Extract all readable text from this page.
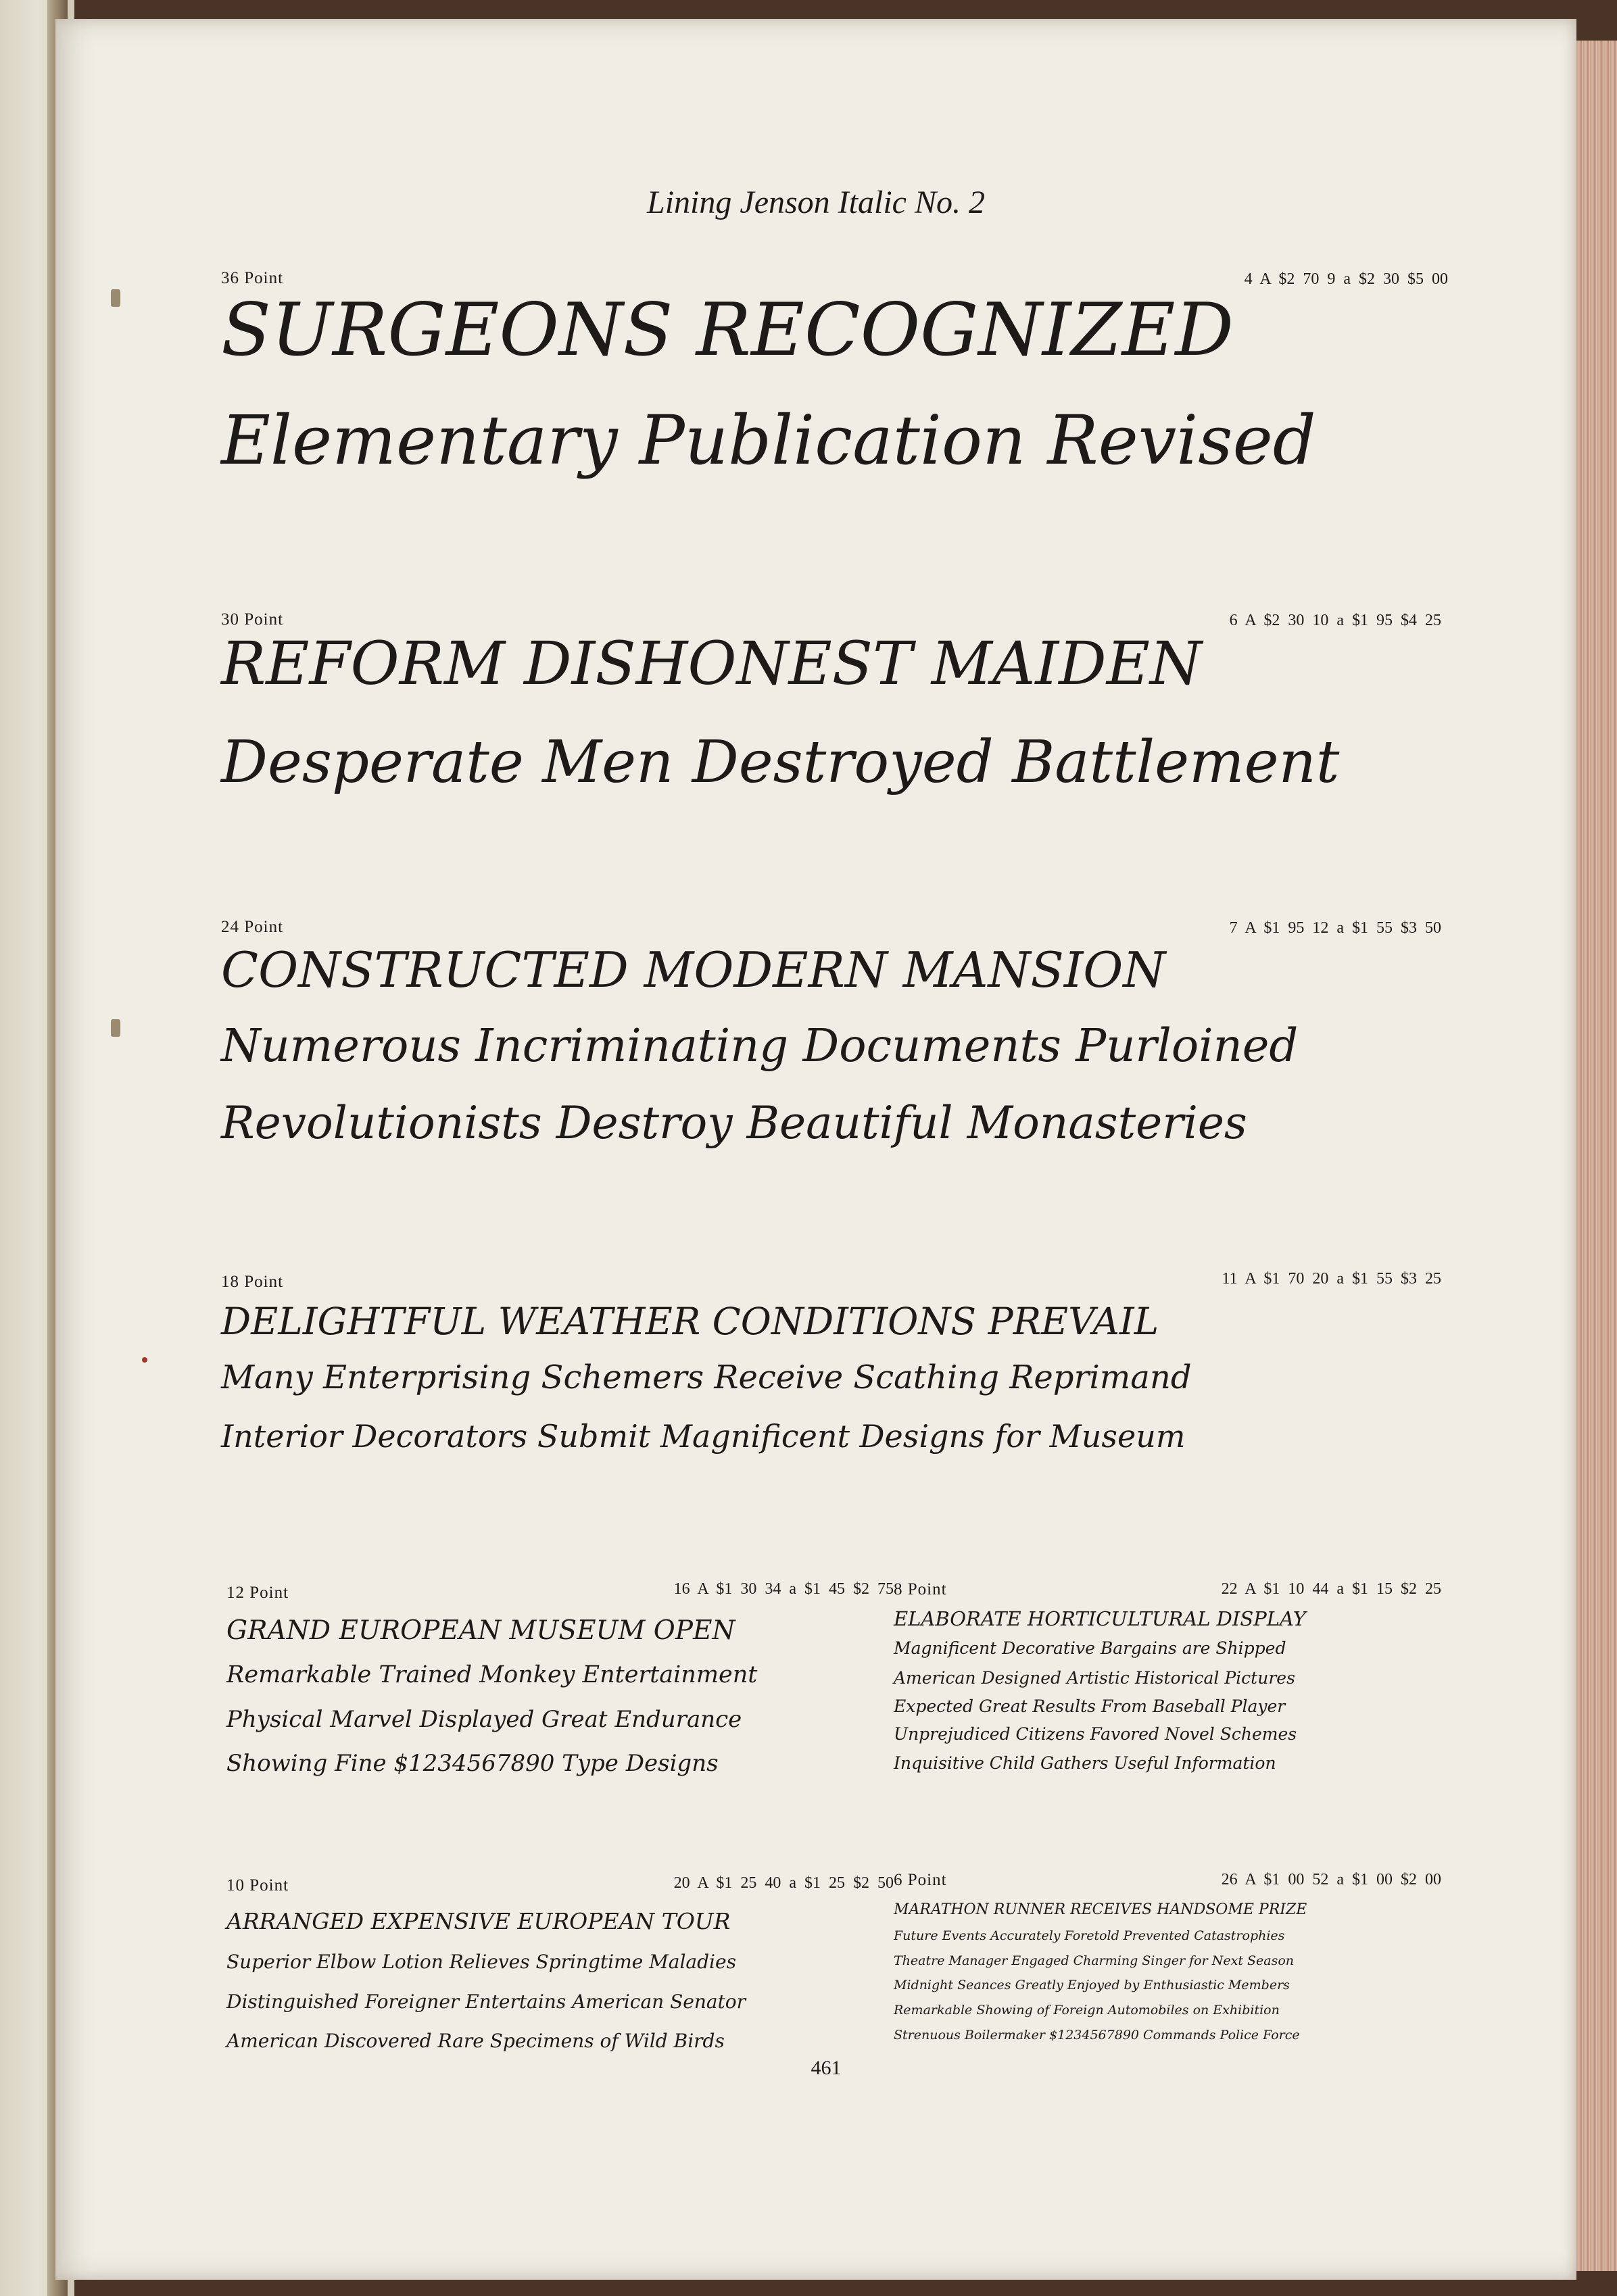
Lining Jenson Italic No. 2
36 Point	4 A $2 70 9 a $2 30 $5 00
SURGEONS RECOGNIZED
Elementary Publication Revised
30 Point	6 A $2 30 10 a $1 95 $4 25
REFORM DISHONEST MAIDEN
Desperate Men Destroyed Battlement
24 Point	7 A $1 95 12 a $1 55 $3 50
CONSTRUCTED MODERN MANSION
Numerous Incriminating Documents Purloined
Revolutionists Destroy Beautiful Monasteries
18 Point	11 A $1 70 20 a $1 55 $3 25
DELIGHTFUL WEATHER CONDITIONS PREVAIL
Many Enterprising Schemers Receive Scathing Reprimand
Interior Decorators Submit Magnificent Designs for Museum
12 Point	16 A $1 30 34 a $1 45 $2 75
GRAND EUROPEAN MUSEUM OPEN
Remarkable Trained Monkey Entertainment
Physical Marvel Displayed Great Endurance
Showing Fine $1234567890 Type Designs
8 Point	22 A $1 10 44 a $1 15 $2 25
ELABORATE HORTICULTURAL DISPLAY
Magnificent Decorative Bargains are Shipped
American Designed Artistic Historical Pictures
Expected Great Results From Baseball Player
Unprejudiced Citizens Favored Novel Schemes
Inquisitive Child Gathers Useful Information
10 Point	20 A $1 25 40 a $1 25 $2 50
ARRANGED EXPENSIVE EUROPEAN TOUR
Superior Elbow Lotion Relieves Springtime Maladies
Distinguished Foreigner Entertains American Senator
American Discovered Rare Specimens of Wild Birds
6 Point	26 A $1 00 52 a $1 00 $2 00
MARATHON RUNNER RECEIVES HANDSOME PRIZE
Future Events Accurately Foretold Prevented Catastrophies
Theatre Manager Engaged Charming Singer for Next Season
Midnight Seances Greatly Enjoyed by Enthusiastic Members
Remarkable Showing of Foreign Automobiles on Exhibition
Strenuous Boilermaker $1234567890 Commands Police Force
461
